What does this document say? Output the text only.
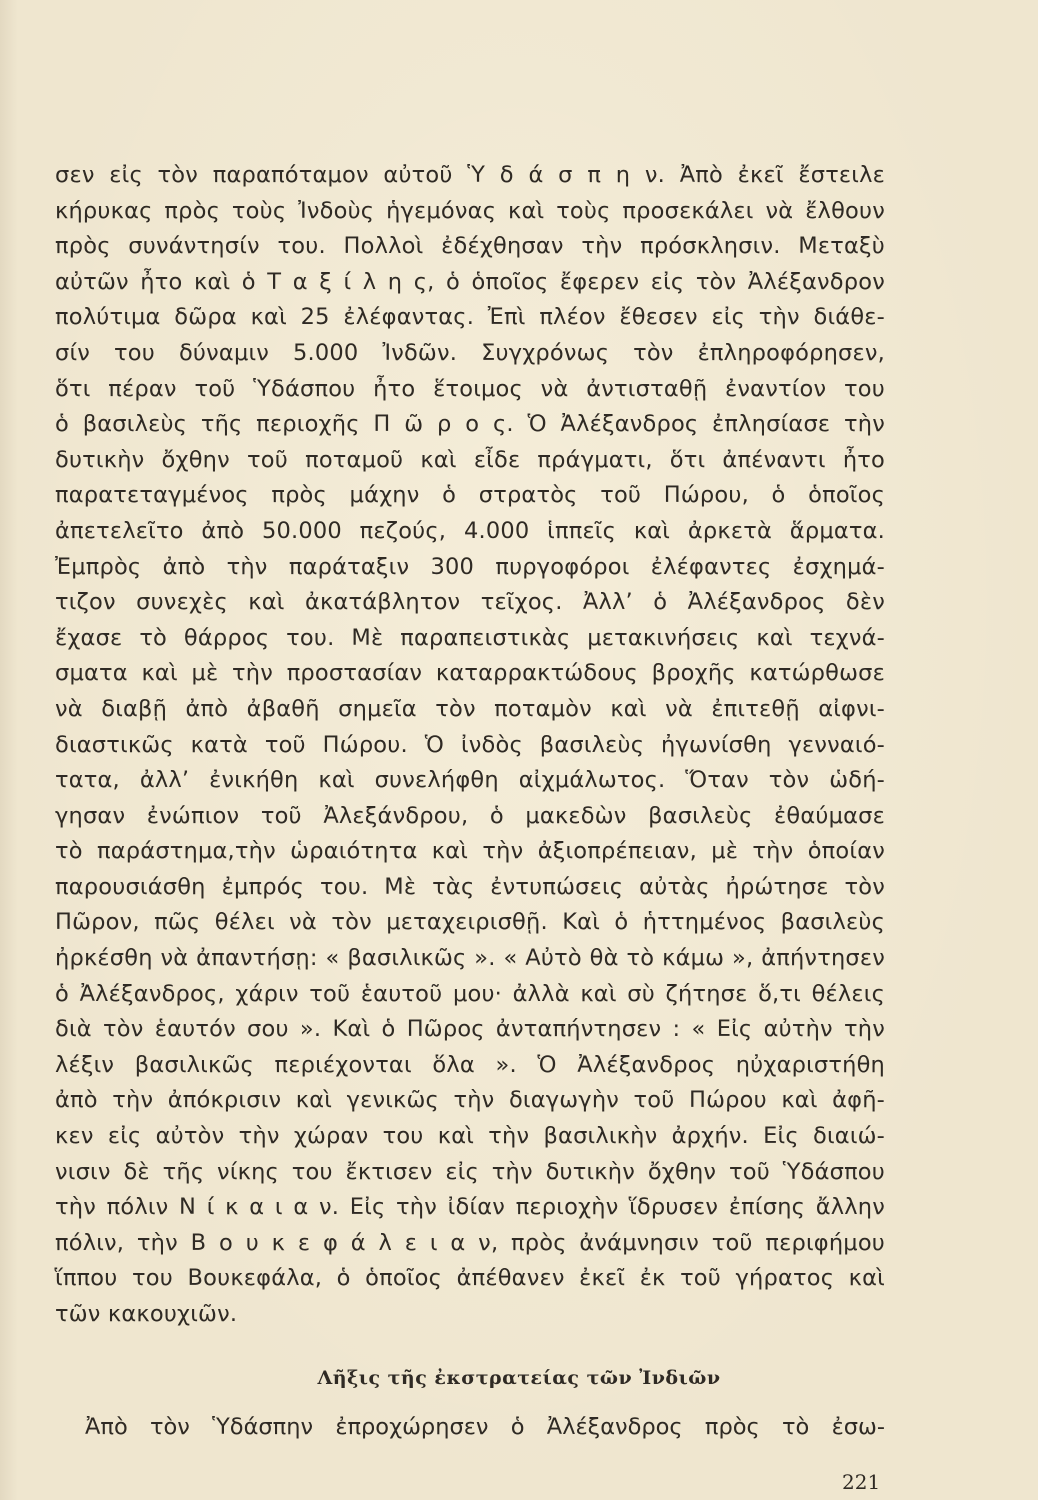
σεν εἰς τὸν παραπόταμον αὐτοῦ Ὑ δ ά σ π η ν. Ἀπὸ ἐκεῖ ἔστειλε
κήρυκας πρὸς τοὺς Ἰνδοὺς ἡγεμόνας καὶ τοὺς προσεκάλει νὰ ἔλθουν
πρὸς συνάντησίν του. Πολλοὶ ἐδέχθησαν τὴν πρόσκλησιν. Μεταξὺ
αὐτῶν ἦτο καὶ ὁ Τ α ξ ί λ η ς, ὁ ὁποῖος ἔφερεν εἰς τὸν Ἀλέξανδρον
πολύτιμα δῶρα καὶ 25 ἐλέφαντας. Ἐπὶ πλέον ἔθεσεν εἰς τὴν διάθε-
σίν του δύναμιν 5.000 Ἰνδῶν. Συγχρόνως τὸν ἐπληροφόρησεν,
ὅτι πέραν τοῦ Ὑδάσπου ἦτο ἕτοιμος νὰ ἀντισταθῇ ἐναντίον του
ὁ βασιλεὺς τῆς περιοχῆς Π ῶ ρ ο ς. Ὁ Ἀλέξανδρος ἐπλησίασε τὴν
δυτικὴν ὄχθην τοῦ ποταμοῦ καὶ εἶδε πράγματι, ὅτι ἀπέναντι ἦτο
παρατεταγμένος πρὸς μάχην ὁ στρατὸς τοῦ Πώρου, ὁ ὁποῖος
ἀπετελεῖτο ἀπὸ 50.000 πεζούς, 4.000 ἱππεῖς καὶ ἀρκετὰ ἅρματα.
Ἐμπρὸς ἀπὸ τὴν παράταξιν 300 πυργοφόροι ἐλέφαντες ἐσχημά-
τιζον συνεχὲς καὶ ἀκατάβλητον τεῖχος. Ἀλλ’ ὁ Ἀλέξανδρος δὲν
ἔχασε τὸ θάρρος του. Μὲ παραπειστικὰς μετακινήσεις καὶ τεχνά-
σματα καὶ μὲ τὴν προστασίαν καταρρακτώδους βροχῆς κατώρθωσε
νὰ διαβῇ ἀπὸ ἀβαθῆ σημεῖα τὸν ποταμὸν καὶ νὰ ἐπιτεθῇ αἰφνι-
διαστικῶς κατὰ τοῦ Πώρου. Ὁ ἰνδὸς βασιλεὺς ἠγωνίσθη γενναιό-
τατα, ἀλλ’ ἐνικήθη καὶ συνελήφθη αἰχμάλωτος. Ὅταν τὸν ὡδή-
γησαν ἐνώπιον τοῦ Ἀλεξάνδρου, ὁ μακεδὼν βασιλεὺς ἐθαύμασε
τὸ παράστημα,τὴν ὡραιότητα καὶ τὴν ἀξιοπρέπειαν, μὲ τὴν ὁποίαν
παρουσιάσθη ἐμπρός του. Μὲ τὰς ἐντυπώσεις αὐτὰς ἠρώτησε τὸν
Πῶρον, πῶς θέλει νὰ τὸν μεταχειρισθῇ. Καὶ ὁ ἡττημένος βασιλεὺς
ἠρκέσθη νὰ ἀπαντήσῃ: « βασιλικῶς ». « Αὐτὸ θὰ τὸ κάμω », ἀπήντησεν
ὁ Ἀλέξανδρος, χάριν τοῦ ἑαυτοῦ μου· ἀλλὰ καὶ σὺ ζήτησε ὅ,τι θέλεις
διὰ τὸν ἑαυτόν σου ». Καὶ ὁ Πῶρος ἀνταπήντησεν : « Εἰς αὐτὴν τὴν
λέξιν βασιλικῶς περιέχονται ὅλα ». Ὁ Ἀλέξανδρος ηὐχαριστήθη
ἀπὸ τὴν ἀπόκρισιν καὶ γενικῶς τὴν διαγωγὴν τοῦ Πώρου καὶ ἀφῆ-
κεν εἰς αὐτὸν τὴν χώραν του καὶ τὴν βασιλικὴν ἀρχήν. Εἰς διαιώ-
νισιν δὲ τῆς νίκης του ἔκτισεν εἰς τὴν δυτικὴν ὄχθην τοῦ Ὑδάσπου
τὴν πόλιν Ν ί κ α ι α ν. Εἰς τὴν ἰδίαν περιοχὴν ἵδρυσεν ἐπίσης ἄλλην
πόλιν, τὴν Β ο υ κ ε φ ά λ ε ι α ν, πρὸς ἀνάμνησιν τοῦ περιφήμου
ἵππου του Βουκεφάλα, ὁ ὁποῖος ἀπέθανεν ἐκεῖ ἐκ τοῦ γήρατος καὶ
τῶν κακουχιῶν.
Λῆξις τῆς ἐκστρατείας τῶν Ἰνδιῶν
Ἀπὸ τὸν Ὑδάσπην ἐπροχώρησεν ὁ Ἀλέξανδρος πρὸς τὸ ἐσω-
221
